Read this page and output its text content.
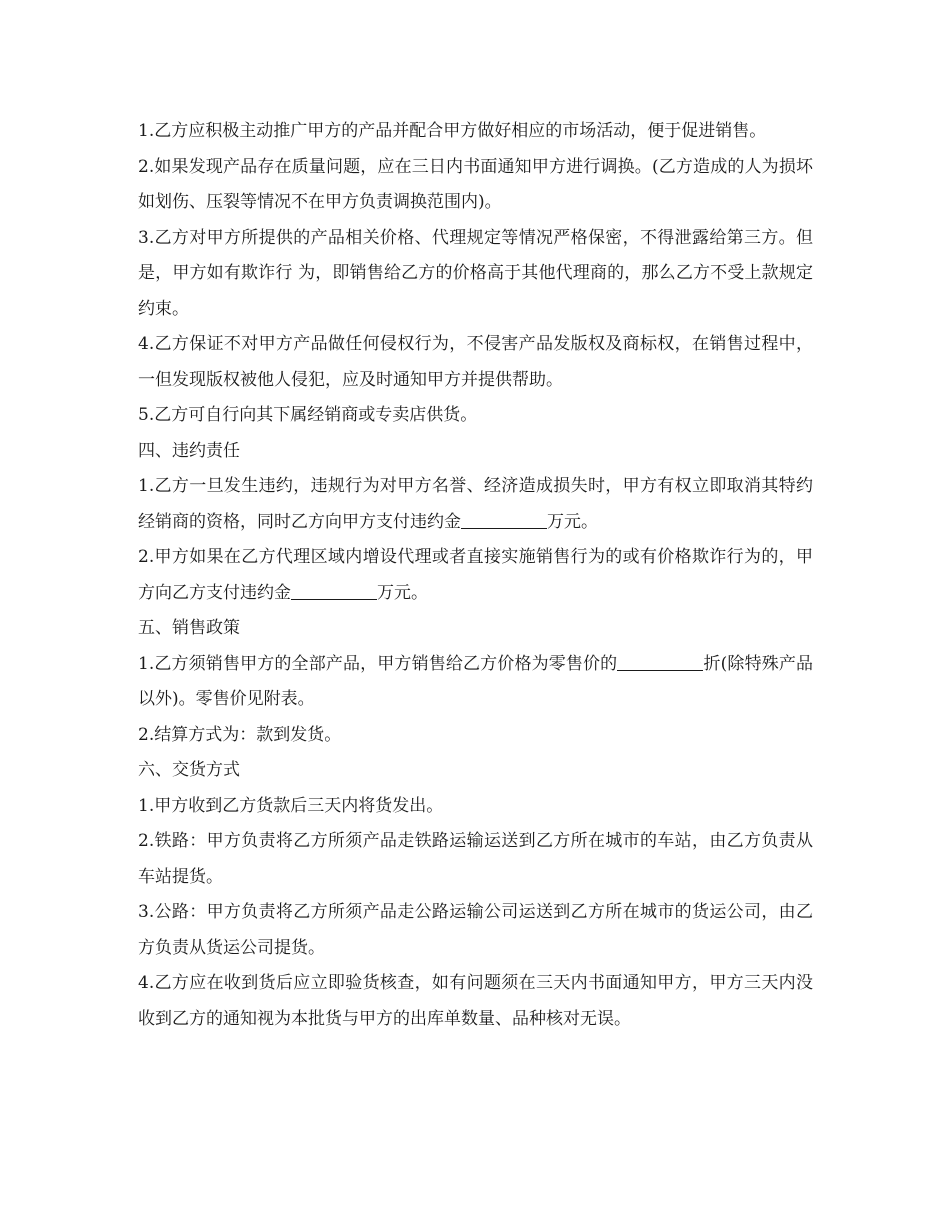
1.乙方应积极主动推广甲方的产品并配合甲方做好相应的市场活动，便于促进销售。

2.如果发现产品存在质量问题，应在三日内书面通知甲方进行调换。(乙方造成的人为损坏如划伤、压裂等情况不在甲方负责调换范围内)。

3.乙方对甲方所提供的产品相关价格、代理规定等情况严格保密，不得泄露给第三方。但是，甲方如有欺诈行 为，即销售给乙方的价格高于其他代理商的，那么乙方不受上款规定约束。

4.乙方保证不对甲方产品做任何侵权行为，不侵害产品发版权及商标权，在销售过程中，一但发现版权被他人侵犯，应及时通知甲方并提供帮助。

5.乙方可自行向其下属经销商或专卖店供货。

四、违约责任

1.乙方一旦发生违约，违规行为对甲方名誉、经济造成损失时，甲方有权立即取消其特约经销商的资格，同时乙方向甲方支付违约金	万元。

2.甲方如果在乙方代理区域内增设代理或者直接实施销售行为的或有价格欺诈行为的，甲方向乙方支付违约金	万元。

五、销售政策

1.乙方须销售甲方的全部产品，甲方销售给乙方价格为零售价的	折(除特殊产品以外)。零售价见附表。

2.结算方式为：款到发货。

六、交货方式

1.甲方收到乙方货款后三天内将货发出。

2.铁路：甲方负责将乙方所须产品走铁路运输运送到乙方所在城市的车站，由乙方负责从车站提货。

3.公路：甲方负责将乙方所须产品走公路运输公司运送到乙方所在城市的货运公司，由乙方负责从货运公司提货。

4.乙方应在收到货后应立即验货核查，如有问题须在三天内书面通知甲方，甲方三天内没收到乙方的通知视为本批货与甲方的出库单数量、品种核对无误。
